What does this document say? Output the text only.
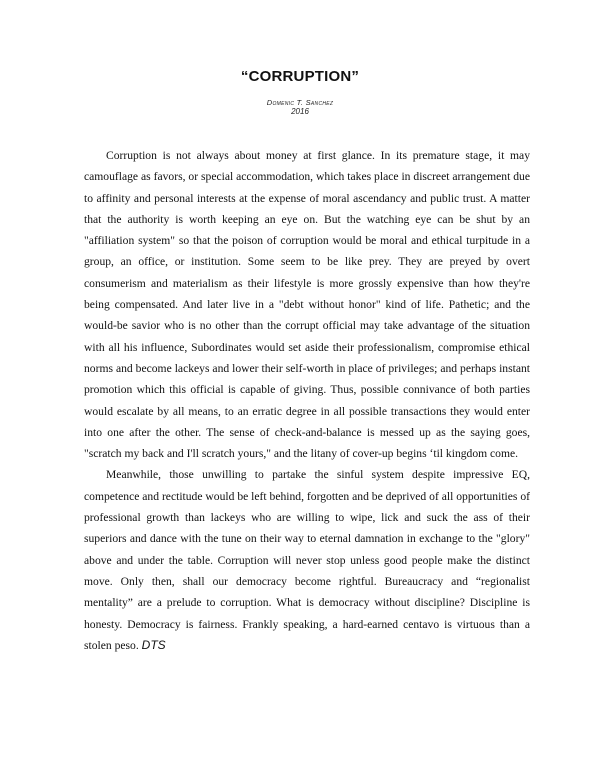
“CORRUPTION”
Domenic T. Sanchez
2016

Corruption is not always about money at first glance. In its premature stage, it may camouflage as favors, or special accommodation, which takes place in discreet arrangement due to affinity and personal interests at the expense of moral ascendancy and public trust. A matter that the authority is worth keeping an eye on. But the watching eye can be shut by an "affiliation system" so that the poison of corruption would be moral and ethical turpitude in a group, an office, or institution. Some seem to be like prey. They are preyed by overt consumerism and materialism as their lifestyle is more grossly expensive than how they're being compensated. And later live in a "debt without honor" kind of life. Pathetic; and the would-be savior who is no other than the corrupt official may take advantage of the situation with all his influence, Subordinates would set aside their professionalism, compromise ethical norms and become lackeys and lower their self-worth in place of privileges; and perhaps instant promotion which this official is capable of giving. Thus, possible connivance of both parties would escalate by all means, to an erratic degree in all possible transactions they would enter into one after the other. The sense of check-and-balance is messed up as the saying goes, "scratch my back and I'll scratch yours," and the litany of cover-up begins ‘til kingdom come.

Meanwhile, those unwilling to partake the sinful system despite impressive EQ, competence and rectitude would be left behind, forgotten and be deprived of all opportunities of professional growth than lackeys who are willing to wipe, lick and suck the ass of their superiors and dance with the tune on their way to eternal damnation in exchange to the "glory" above and under the table. Corruption will never stop unless good people make the distinct move. Only then, shall our democracy become rightful. Bureaucracy and “regionalist mentality” are a prelude to corruption. What is democracy without discipline? Discipline is honesty. Democracy is fairness. Frankly speaking, a hard-earned centavo is virtuous than a stolen peso. DTS
